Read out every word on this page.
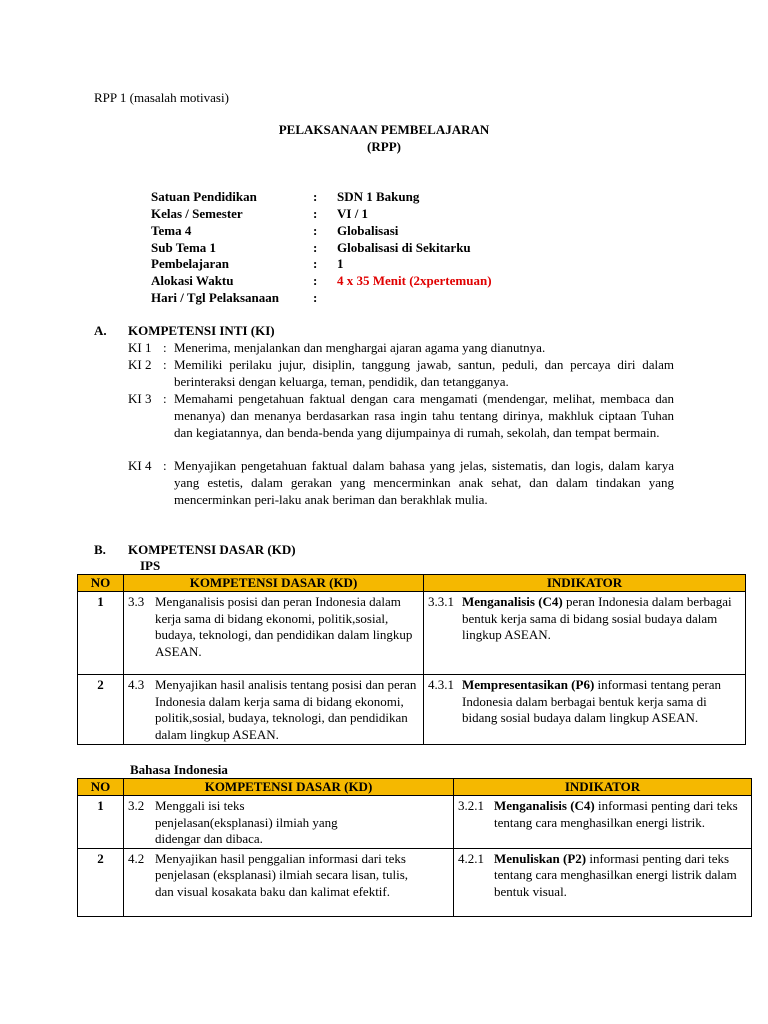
RPP 1 (masalah motivasi)
PELAKSANAAN PEMBELAJARAN
(RPP)
Satuan Pendidikan	: SDN 1 Bakung
Kelas / Semester	: VI / 1
Tema 4	: Globalisasi
Sub Tema 1	: Globalisasi di Sekitarku
Pembelajaran	: 1
Alokasi Waktu	: 4 x 35 Menit (2xpertemuan)
Hari / Tgl Pelaksanaan	:
A. KOMPETENSI INTI (KI)
KI 1 : Menerima, menjalankan dan menghargai ajaran agama yang dianutnya.
KI 2 : Memiliki perilaku jujur, disiplin, tanggung jawab, santun, peduli, dan percaya diri dalam berinteraksi dengan keluarga, teman, pendidik, dan tetangganya.
KI 3 : Memahami pengetahuan faktual dengan cara mengamati (mendengar, melihat, membaca dan menanya) dan menanya berdasarkan rasa ingin tahu tentang dirinya, makhluk ciptaan Tuhan dan kegiatannya, dan benda-benda yang dijumpainya di rumah, sekolah, dan tempat bermain.
KI 4 : Menyajikan pengetahuan faktual dalam bahasa yang jelas, sistematis, dan logis, dalam karya yang estetis, dalam gerakan yang mencerminkan anak sehat, dan dalam tindakan yang mencerminkan peri-laku anak beriman dan berakhlak mulia.
B. KOMPETENSI DASAR (KD)
IPS
NO	KOMPETENSI DASAR (KD)	INDIKATOR
1	3.3 Menganalisis posisi dan peran Indonesia dalam kerja sama di bidang ekonomi, politik,sosial, budaya, teknologi, dan pendidikan dalam lingkup ASEAN.	3.3.1 Menganalisis (C4) peran Indonesia dalam berbagai bentuk kerja sama di bidang sosial budaya dalam lingkup ASEAN.

2	4.3 Menyajikan hasil analisis tentang posisi dan peran Indonesia dalam kerja sama di bidang ekonomi, politik,sosial, budaya, teknologi, dan pendidikan dalam lingkup ASEAN.	4.3.1 Mempresentasikan (P6) informasi tentang peran Indonesia dalam berbagai bentuk kerja sama di bidang sosial budaya dalam lingkup ASEAN.
Bahasa Indonesia
NO	KOMPETENSI DASAR (KD)	INDIKATOR
1	3.2 Menggali isi teks penjelasan(eksplanasi) ilmiah yang didengar dan dibaca.	3.2.1 Menganalisis (C4) informasi penting dari teks tentang cara menghasilkan energi listrik.

2	4.2 Menyajikan hasil penggalian informasi dari teks penjelasan (eksplanasi) ilmiah secara lisan, tulis, dan visual kosakata baku dan kalimat efektif.	4.2.1 Menuliskan (P2) informasi penting dari teks tentang cara menghasilkan energi listrik dalam bentuk visual.
